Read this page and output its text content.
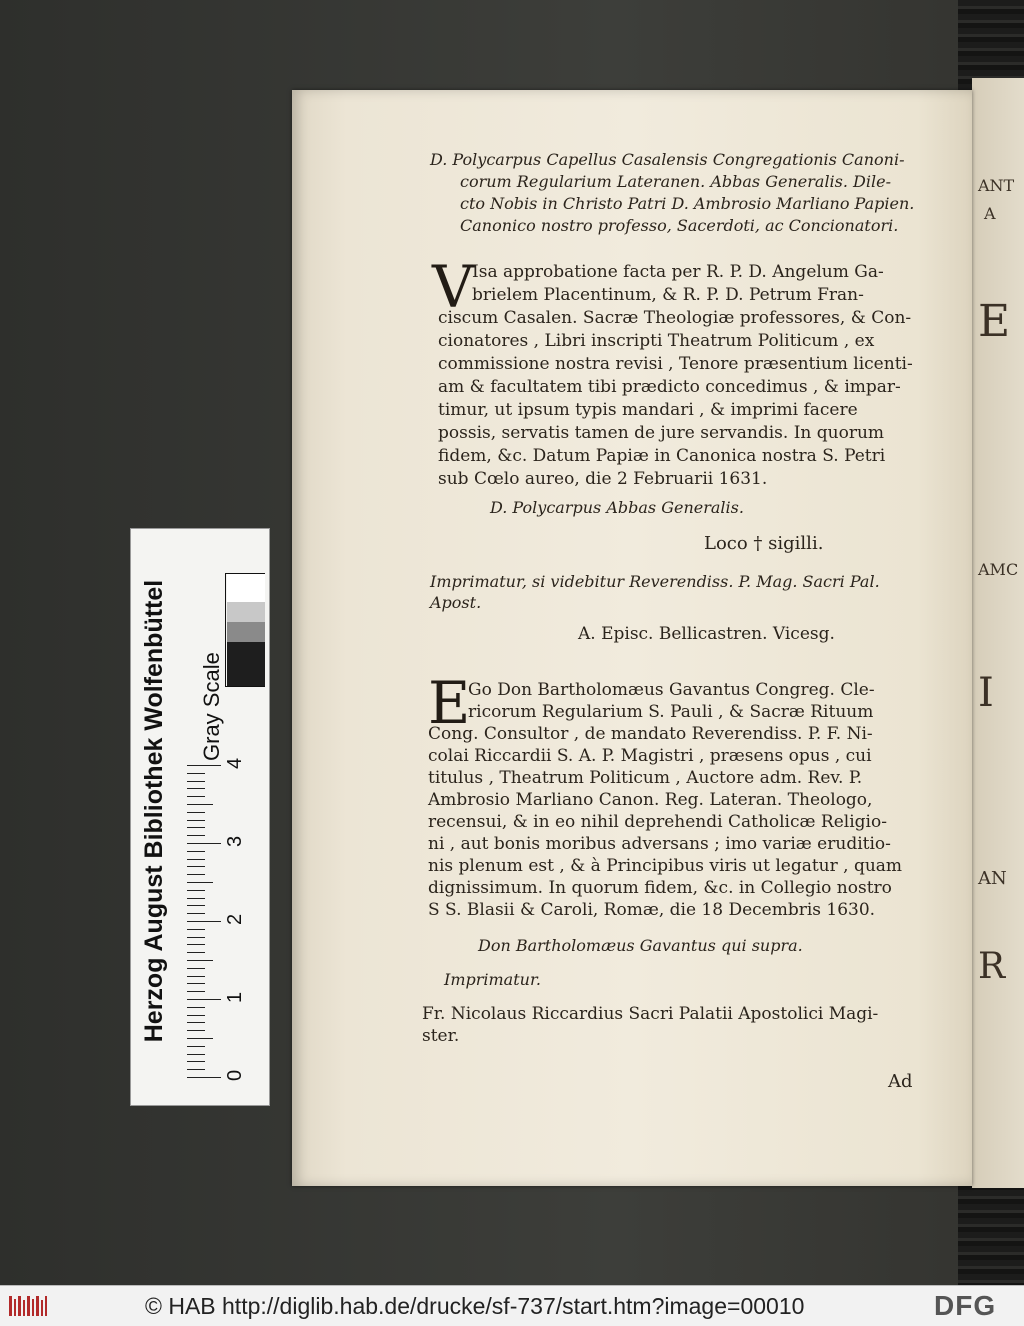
ANT
A
E
AMC
I
AN
R
D. Polycarpus Capellus Casalensis Congregationis Canoni-
corum Regularium Lateranen. Abbas Generalis. Dile-
cto Nobis in Christo Patri D. Ambrosio Marliano Papien.
Canonico nostro professo, Sacerdoti, ac Concionatori.
V
Isa approbatione facta per R. P. D. Angelum Ga-
brielem Placentinum, & R. P. D. Petrum Fran-
ciscum Casalen. Sacræ Theologiæ professores, & Con-
cionatores , Libri inscripti Theatrum Politicum , ex
commissione nostra revisi , Tenore præsentium licenti-
am & facultatem tibi prædicto concedimus , & impar-
timur, ut ipsum typis mandari , & imprimi facere
possis, servatis tamen de jure servandis. In quorum
fidem, &c. Datum Papiæ in Canonica nostra S. Petri
sub Cœlo aureo, die 2 Februarii 1631.
D. Polycarpus Abbas Generalis.
Loco † sigilli.
Imprimatur, si videbitur Reverendiss. P. Mag. Sacri Pal.
Apost.
A. Episc. Bellicastren. Vicesg.
E
Go Don Bartholomæus Gavantus Congreg. Cle-
ricorum Regularium S. Pauli , & Sacræ Rituum
Cong. Consultor , de mandato Reverendiss. P. F. Ni-
colai Riccardii S. A. P. Magistri , præsens opus , cui
titulus , Theatrum Politicum , Auctore adm. Rev. P.
Ambrosio Marliano Canon. Reg. Lateran. Theologo,
recensui, & in eo nihil deprehendi Catholicæ Religio-
ni , aut bonis moribus adversans ; imo variæ eruditio-
nis plenum est , & à Principibus viris ut legatur , quam
dignissimum. In quorum fidem, &c. in Collegio nostro
S S. Blasii & Caroli, Romæ, die 18 Decembris 1630.
Don Bartholomæus Gavantus qui supra.
Imprimatur.
Fr. Nicolaus Riccardius Sacri Palatii Apostolici Magi-
ster.
Ad
Herzog August Bibliothek Wolfenbüttel Gray Scale
0
1
2
3
4
© HAB http://diglib.hab.de/drucke/sf-737/start.htm?image=00010	DFG
